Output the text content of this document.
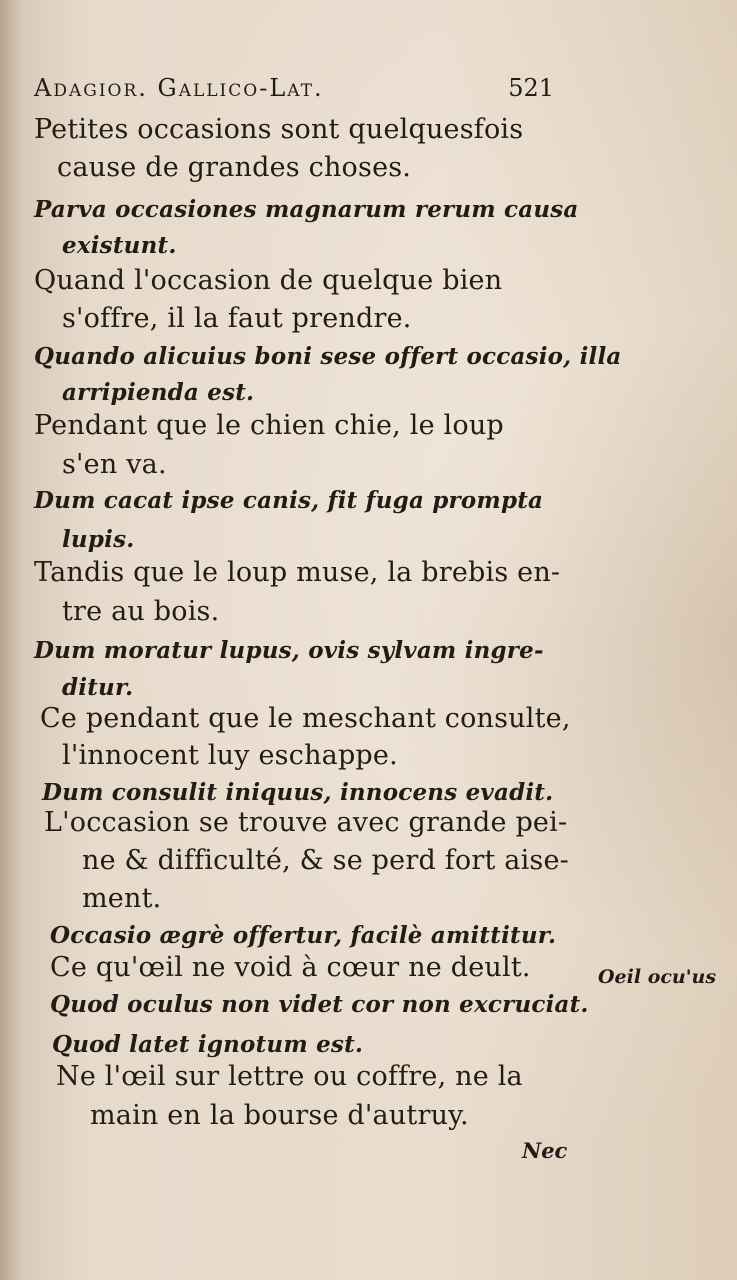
Adagior. Gallico-Lat.	521
Petites occasions sont quelquesfois
cause de grandes choses.
Parva occasiones magnarum rerum causa
existunt.
Quand l'occasion de quelque bien
s'offre, il la faut prendre.
Quando alicuius boni sese offert occasio, illa
arripienda est.
Pendant que le chien chie, le loup
s'en va.
Dum cacat ipse canis, fit fuga prompta
lupis.
Tandis que le loup muse, la brebis en-
tre au bois.
Dum moratur lupus, ovis sylvam ingre-
ditur.
Ce pendant que le meschant consulte,
l'innocent luy eschappe.
Dum consulit iniquus, innocens evadit.
L'occasion se trouve avec grande pei-
ne & difficulté, & se perd fort aise-
ment.
Occasio ægrè offertur, facilè amittitur.
Ce qu'œil ne void à cœur ne deult.
Quod oculus non videt cor non excruciat.
Quod latet ignotum est.
Ne l'œil sur lettre ou coffre, ne la
main en la bourse d'autruy.
Oeil ocu'us
Nec
